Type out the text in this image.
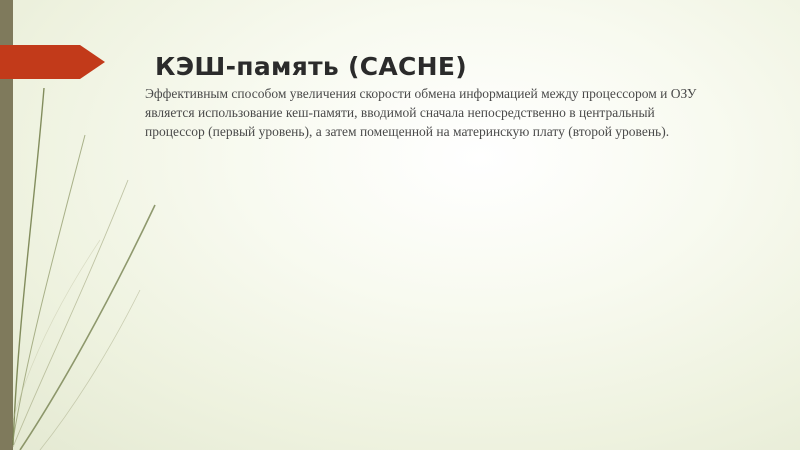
КЭШ-память (CACHE)
Эффективным способом увеличения скорости обмена информацией между процессором и ОЗУ является использование кеш-памяти, вводимой сначала непосредственно в центральный процессор (первый уровень), а затем помещенной на материнскую плату (второй уровень).
